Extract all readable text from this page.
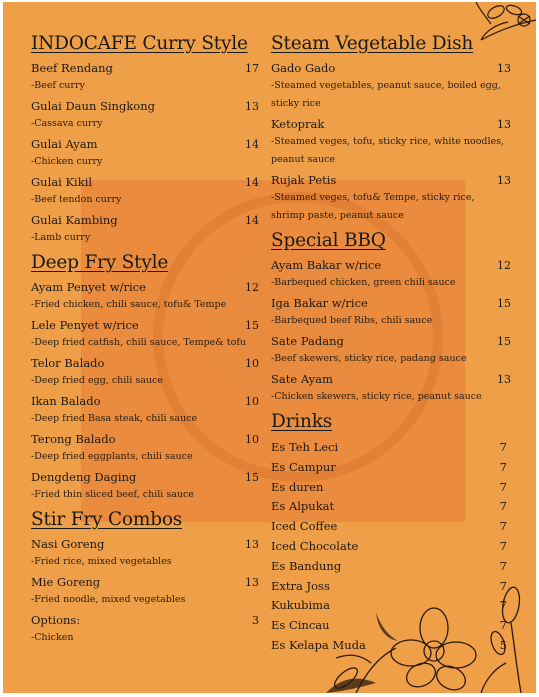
INDOCAFE Curry Style
Beef Rendang	17
-Beef curry
Gulai Daun Singkong	13
-Cassava curry
Gulai Ayam	14
-Chicken curry
Gulai Kikil	14
-Beef tendon curry
Gulai Kambing	14
-Lamb curry
Deep Fry Style
Ayam Penyet w/rice	12
-Fried chicken, chili sauce, tofu& Tempe
Lele Penyet w/rice	15
-Deep fried catfish, chili sauce, Tempe& tofu
Telor Balado	10
-Deep fried egg, chili sauce
Ikan Balado	10
-Deep fried Basa steak, chili sauce
Terong Balado	10
-Deep fried eggplants, chili sauce
Dengdeng Daging	15
-Fried thin sliced beef, chili sauce
Stir Fry Combos
Nasi Goreng	13
-Fried rice, mixed vegetables
Mie Goreng	13
-Fried noodle, mixed vegetables
Options:	3
-Chicken
Steam Vegetable Dish
Gado Gado	13
-Steamed vegetables, peanut sauce, boiled egg, sticky rice
Ketoprak	13
-Steamed veges, tofu, sticky rice, white noodles, peanut sauce
Rujak Petis	13
-Steamed veges, tofu& Tempe, sticky rice, shrimp paste, peanut sauce
Special BBQ
Ayam Bakar w/rice	12
-Barbequed chicken, green chili sauce
Iga Bakar w/rice	15
-Barbequed beef Ribs, chili sauce
Sate Padang	15
-Beef skewers, sticky rice, padang sauce
Sate Ayam	13
-Chicken skewers, sticky rice, peanut sauce
Drinks
Es Teh Leci	7
Es Campur	7
Es duren	7
Es Alpukat	7
Iced Coffee	7
Iced Chocolate	7
Es Bandung	7
Extra Joss	7
Kukubima	7
Es Cincau	7
Es Kelapa Muda	5
